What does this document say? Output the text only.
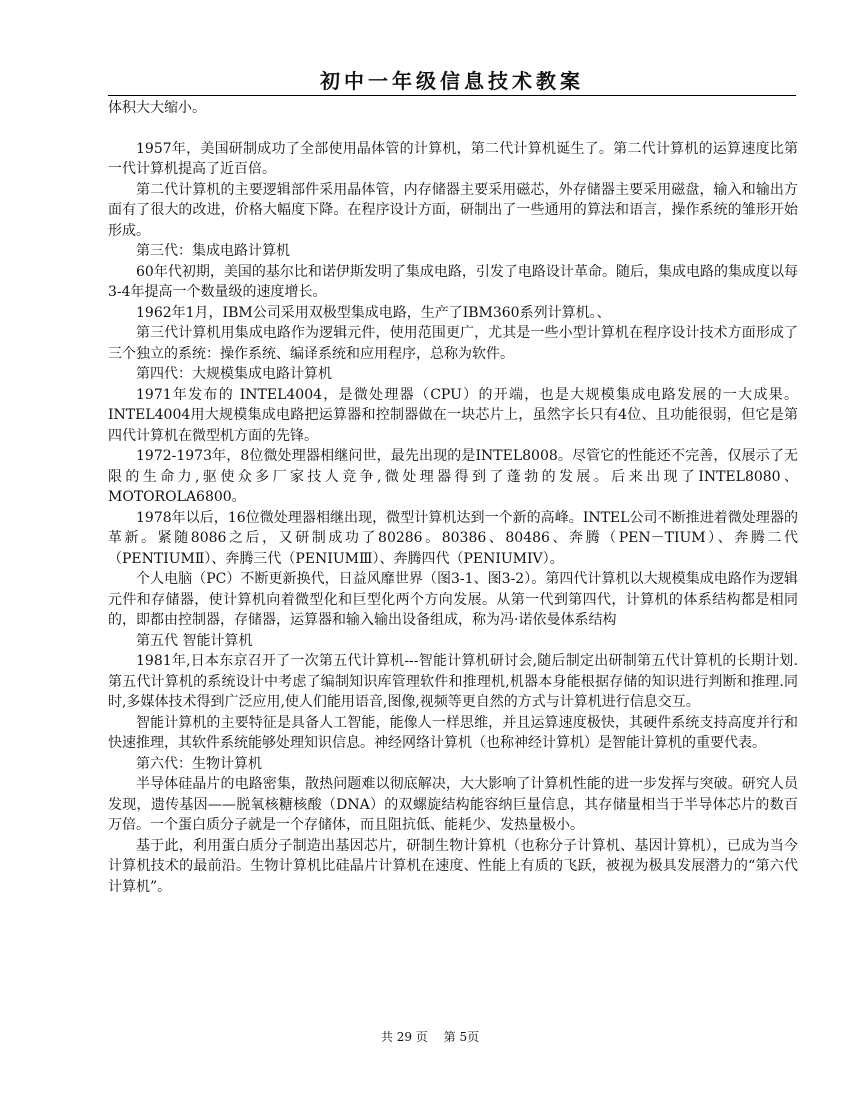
初中一年级信息技术教案

体积大大缩小。

1957年，美国研制成功了全部使用晶体管的计算机，第二代计算机诞生了。第二代计算机的运算速度比第一代计算机提高了近百倍。

第二代计算机的主要逻辑部件采用晶体管，内存储器主要采用磁芯，外存储器主要采用磁盘，输入和输出方面有了很大的改进，价格大幅度下降。在程序设计方面，研制出了一些通用的算法和语言，操作系统的雏形开始形成。

第三代：集成电路计算机

60年代初期，美国的基尔比和诺伊斯发明了集成电路，引发了电路设计革命。随后，集成电路的集成度以每3-4年提高一个数量级的速度增长。

1962年1月，IBM公司采用双极型集成电路，生产了IBM360系列计算机。、

第三代计算机用集成电路作为逻辑元件，使用范围更广，尤其是一些小型计算机在程序设计技术方面形成了三个独立的系统：操作系统、编译系统和应用程序，总称为软件。

第四代：大规模集成电路计算机

1971年发布的 INTEL4004，是微处理器（CPU）的开端，也是大规模集成电路发展的一大成果。INTEL4004用大规模集成电路把运算器和控制器做在一块芯片上，虽然字长只有4位、且功能很弱，但它是第四代计算机在微型机方面的先锋。

1972-1973年，8位微处理器相继问世，最先出现的是INTEL8008。尽管它的性能还不完善，仅展示了无限的生命力,驱使众多厂家技人竞争,微处理器得到了蓬勃的发展。后来出现了INTEL8080、MOTOROLA6800。

1978年以后，16位微处理器相继出现，微型计算机达到一个新的高峰。INTEL公司不断推进着微处理器的革新。紧随8086之后，又研制成功了80286。80386、80486、奔腾（PEN－TIUM）、奔腾二代（PENTIUMⅡ）、奔腾三代（PENIUMⅢ）、奔腾四代（PENIUMIV）。

个人电脑（PC）不断更新换代，日益风靡世界（图3-1、图3-2）。第四代计算机以大规模集成电路作为逻辑元件和存储器，使计算机向着微型化和巨型化两个方向发展。从第一代到第四代，计算机的体系结构都是相同的，即都由控制器，存储器，运算器和输入输出设备组成，称为冯·诺依曼体系结构

第五代 智能计算机

1981年,日本东京召开了一次第五代计算机---智能计算机研讨会,随后制定出研制第五代计算机的长期计划.第五代计算机的系统设计中考虑了编制知识库管理软件和推理机,机器本身能根据存储的知识进行判断和推理.同时,多媒体技术得到广泛应用,使人们能用语音,图像,视频等更自然的方式与计算机进行信息交互。

智能计算机的主要特征是具备人工智能，能像人一样思维，并且运算速度极快，其硬件系统支持高度并行和快速推理，其软件系统能够处理知识信息。神经网络计算机（也称神经计算机）是智能计算机的重要代表。

第六代：生物计算机

半导体硅晶片的电路密集，散热问题难以彻底解决，大大影响了计算机性能的进一步发挥与突破。研究人员发现，遗传基因——脱氧核糖核酸（DNA）的双螺旋结构能容纳巨量信息，其存储量相当于半导体芯片的数百万倍。一个蛋白质分子就是一个存储体，而且阻抗低、能耗少、发热量极小。

基于此，利用蛋白质分子制造出基因芯片，研制生物计算机（也称分子计算机、基因计算机），已成为当今计算机技术的最前沿。生物计算机比硅晶片计算机在速度、性能上有质的飞跃，被视为极具发展潜力的“第六代计算机”。

共 29 页 第 5页
